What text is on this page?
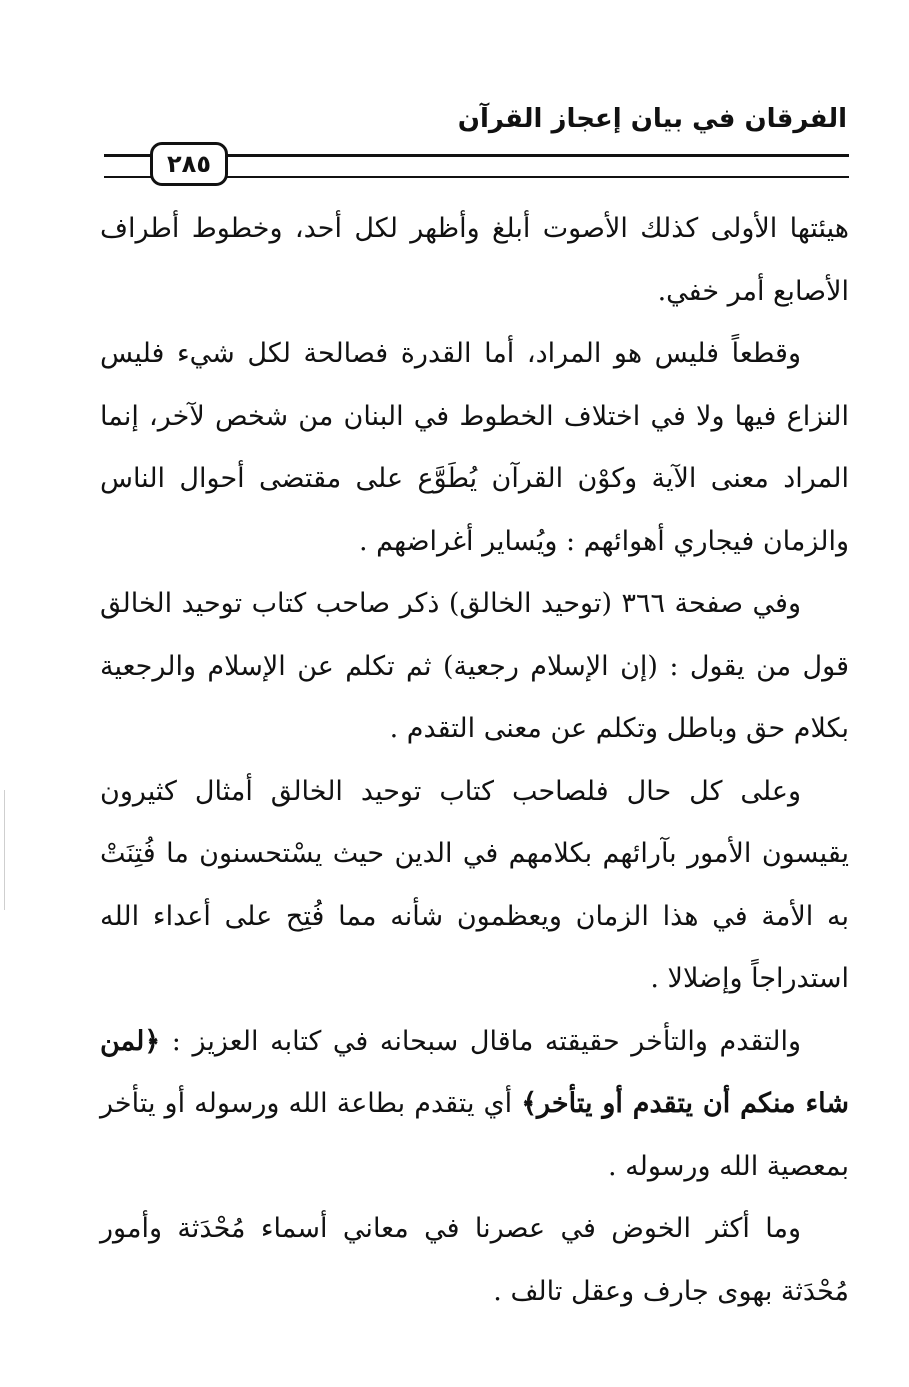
الفرقان في بيان إعجاز القرآن
٢٨٥

هيئتها الأولى كذلك الأصوت أبلغ وأظهر لكل أحد، وخطوط أطراف الأصابع أمر خفي.

وقطعاً فليس هو المراد، أما القدرة فصالحة لكل شيء فليس النزاع فيها ولا في اختلاف الخطوط في البنان من شخص لآخر، إنما المراد معنى الآية وكوْن القرآن يُطَوَّع على مقتضى أحوال الناس والزمان فيجاري أهوائهم : ويُساير أغراضهم .

وفي صفحة ٣٦٦ (توحيد الخالق) ذكر صاحب كتاب توحيد الخالق قول من يقول : (إن الإسلام رجعية) ثم تكلم عن الإسلام والرجعية بكلام حق وباطل وتكلم عن معنى التقدم .

وعلى كل حال فلصاحب كتاب توحيد الخالق أمثال كثيرون يقيسون الأمور بآرائهم بكلامهم في الدين حيث يسْتحسنون ما فُتِنَتْ به الأمة في هذا الزمان ويعظمون شأنه مما فُتِح على أعداء الله استدراجاً وإضلالا .

والتقدم والتأخر حقيقته ماقال سبحانه في كتابه العزيز : ﴿لمن شاء منكم أن يتقدم أو يتأخر﴾ أي يتقدم بطاعة الله ورسوله أو يتأخر بمعصية الله ورسوله .

وما أكثر الخوض في عصرنا في معاني أسماء مُحْدَثة وأمور مُحْدَثة بهوى جارف وعقل تالف .
